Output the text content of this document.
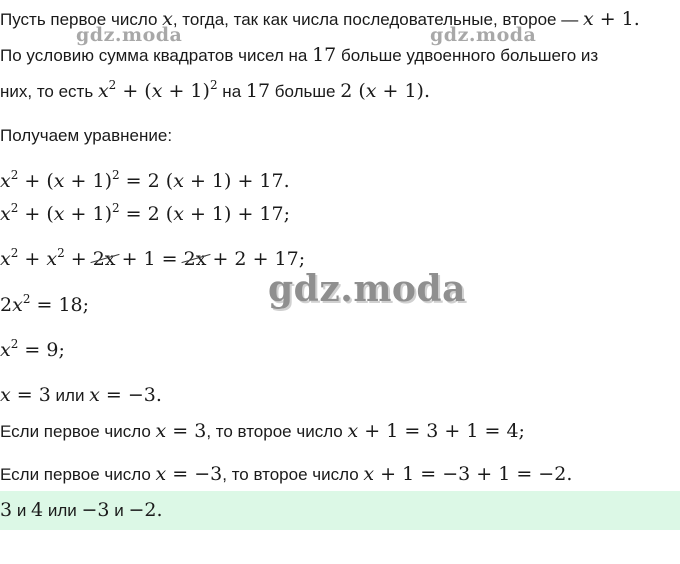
Пусть первое число x, тогда, так как числа последовательные, второе — x + 1.
По условию сумма квадратов чисел на 17 больше удвоенного большего из
них, то есть $x^2 + (x + 1)^2$ на 17 больше 2 (x + 1).
Получаем уравнение:
$x^2 + (x + 1)^2 = 2$ (x + 1) + 17.
$x^2 + (x + 1)^2 = 2$ (x + 1) + 17;
$x^2 + x^2 + 2x + 1 = 2x + 2 + 17$;
$2x^2 = 18$;
$x^2 = 9$;
x = 3 или x = −3.
Если первое число x = 3, то второе число x + 1 = 3 + 1 = 4;
Если первое число x = −3, то второе число x + 1 = −3 + 1 = −2.
3 и 4 или −3 и −2.
gdz.moda	gdz.moda
gdz.moda
